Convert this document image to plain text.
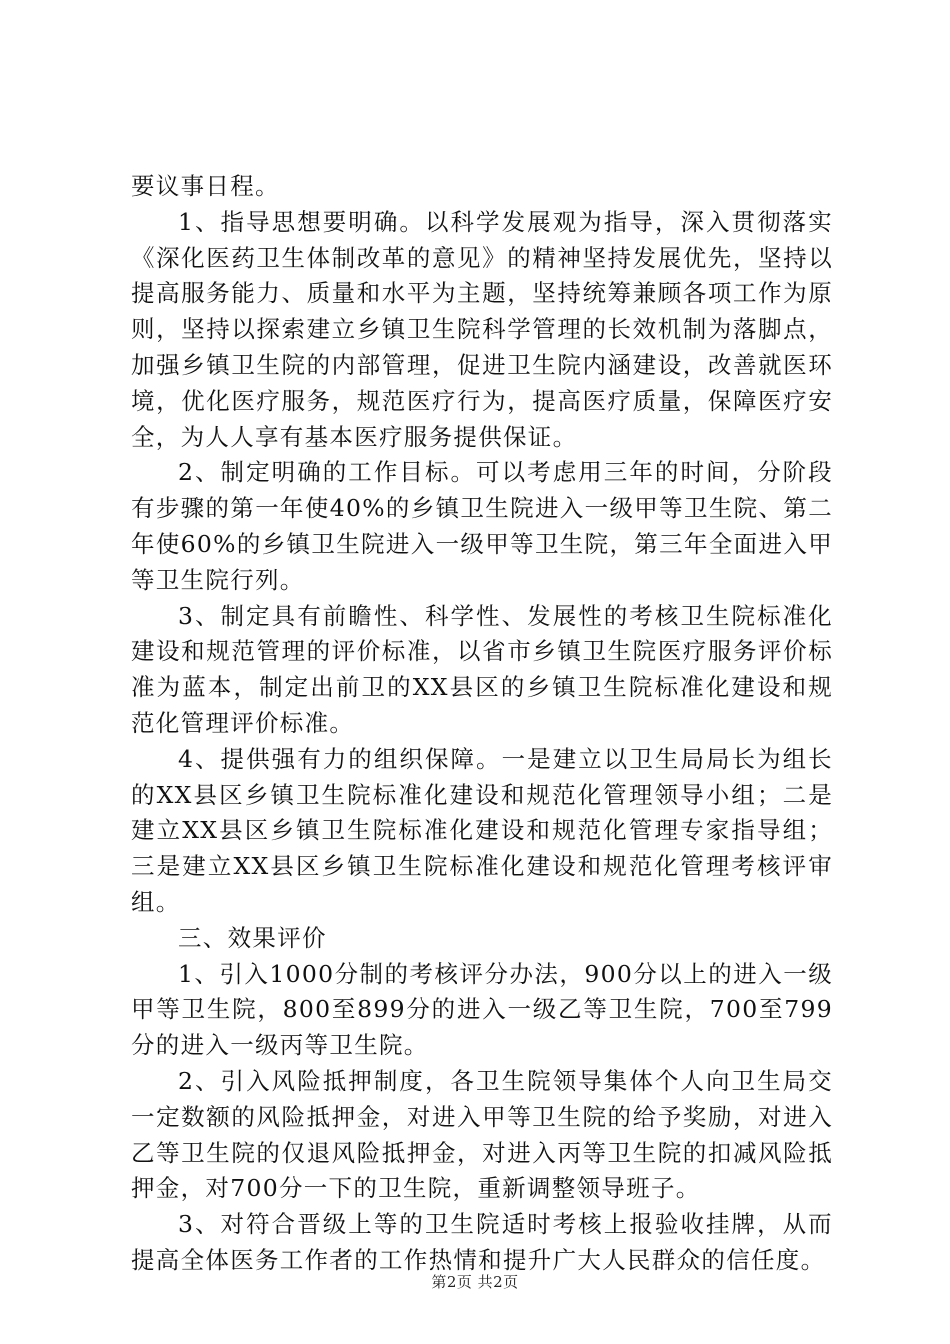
要议事日程。

1、指导思想要明确。以科学发展观为指导，深入贯彻落实《深化医药卫生体制改革的意见》的精神坚持发展优先，坚持以提高服务能力、质量和水平为主题，坚持统筹兼顾各项工作为原则，坚持以探索建立乡镇卫生院科学管理的长效机制为落脚点，加强乡镇卫生院的内部管理，促进卫生院内涵建设，改善就医环境，优化医疗服务，规范医疗行为，提高医疗质量，保障医疗安全，为人人享有基本医疗服务提供保证。

2、制定明确的工作目标。可以考虑用三年的时间，分阶段有步骤的第一年使40%的乡镇卫生院进入一级甲等卫生院、第二年使60%的乡镇卫生院进入一级甲等卫生院，第三年全面进入甲等卫生院行列。

3、制定具有前瞻性、科学性、发展性的考核卫生院标准化建设和规范管理的评价标准，以省市乡镇卫生院医疗服务评价标准为蓝本，制定出前卫的XX县区的乡镇卫生院标准化建设和规范化管理评价标准。

4、提供强有力的组织保障。一是建立以卫生局局长为组长的XX县区乡镇卫生院标准化建设和规范化管理领导小组；二是建立XX县区乡镇卫生院标准化建设和规范化管理专家指导组；三是建立XX县区乡镇卫生院标准化建设和规范化管理考核评审组。

三、效果评价

1、引入1000分制的考核评分办法，900分以上的进入一级甲等卫生院，800至899分的进入一级乙等卫生院，700至799分的进入一级丙等卫生院。

2、引入风险抵押制度，各卫生院领导集体个人向卫生局交一定数额的风险抵押金，对进入甲等卫生院的给予奖励，对进入乙等卫生院的仅退风险抵押金，对进入丙等卫生院的扣减风险抵押金，对700分一下的卫生院，重新调整领导班子。

3、对符合晋级上等的卫生院适时考核上报验收挂牌，从而提高全体医务工作者的工作热情和提升广大人民群众的信任度。

第2页 共2页
